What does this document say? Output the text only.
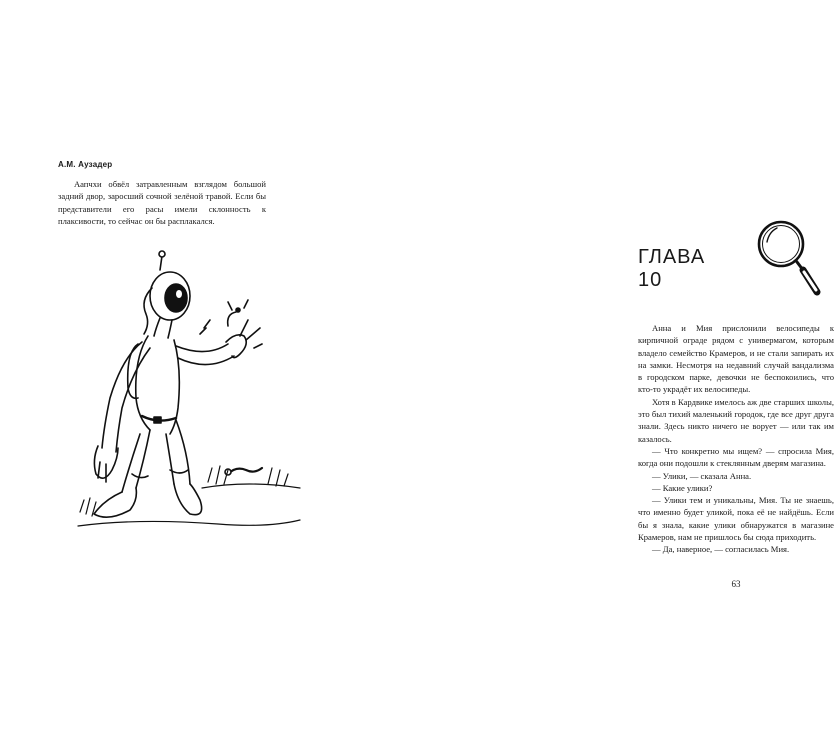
А.М. Аузадер

Аапчхи обвёл затравленным взглядом большой задний двор, заросший сочной зелёной травой. Если бы представители его расы имели склонность к плаксивости, то сейчас он бы расплакался.

ГЛАВА 10

Анна и Мия прислонили велосипеды к кирпичной ограде рядом с универмагом, которым владело семейство Крамеров, и не стали запирать их на замки. Несмотря на недавний случай вандализма в городском парке, девочки не беспокоились, что кто-то украдёт их велосипеды.

Хотя в Кардвике имелось аж две старших школы, это был тихий маленький городок, где все друг друга знали. Здесь никто ничего не ворует — или так им казалось.

— Что конкретно мы ищем? — спросила Мия, когда они подошли к стеклянным дверям магазина.

— Улики, — сказала Анна.

— Какие улики?

— Улики тем и уникальны, Мия. Ты не знаешь, что именно будет уликой, пока её не найдёшь. Если бы я знала, какие улики обнаружатся в магазине Крамеров, нам не пришлось бы сюда приходить.

— Да, наверное, — согласилась Мия.

63
